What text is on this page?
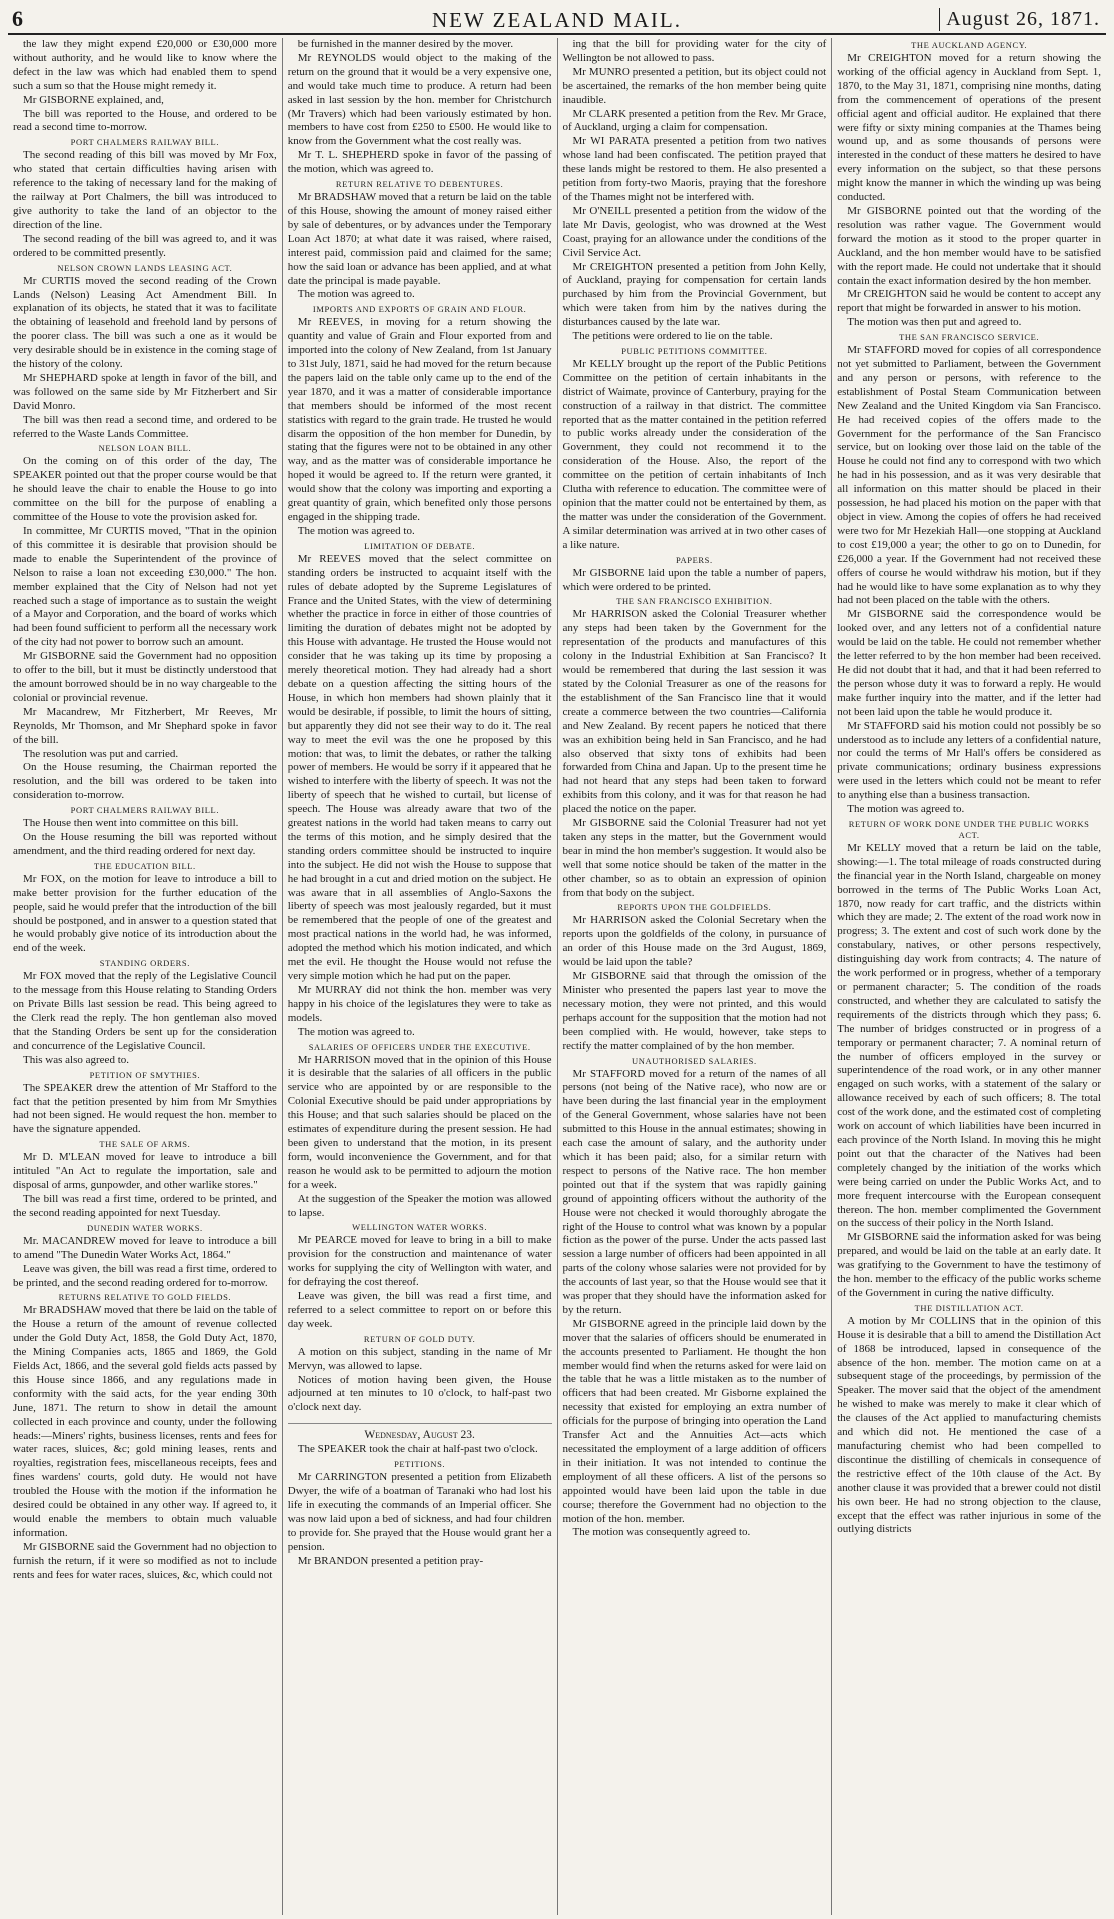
6	NEW ZEALAND MAIL.	August 26, 1871.

the law they might expend £20,000 or £30,000 more without authority, and he would like to know where the defect in the law was which had enabled them to spend such a sum so that the House might remedy it.

Mr GISBORNE explained, and,

The bill was reported to the House, and ordered to be read a second time to-morrow.

PORT CHALMERS RAILWAY BILL.

The second reading of this bill was moved by Mr Fox, who stated that certain difficulties having arisen with reference to the taking of necessary land for the making of the railway at Port Chalmers, the bill was introduced to give authority to take the land of an objector to the direction of the line.

The second reading of the bill was agreed to, and it was ordered to be committed presently.

NELSON CROWN LANDS LEASING ACT.

Mr CURTIS moved the second reading of the Crown Lands (Nelson) Leasing Act Amendment Bill. In explanation of its objects, he stated that it was to facilitate the obtaining of leasehold and freehold land by persons of the poorer class. The bill was such a one as it would be very desirable should be in existence in the coming stage of the history of the colony.

Mr SHEPHARD spoke at length in favor of the bill, and was followed on the same side by Mr Fitzherbert and Sir David Monro.

The bill was then read a second time, and ordered to be referred to the Waste Lands Committee.

NELSON LOAN BILL.

On the coming on of this order of the day, The SPEAKER pointed out that the proper course would be that he should leave the chair to enable the House to go into committee on the bill for the purpose of enabling a committee of the House to vote the provision asked for.

In committee, Mr CURTIS moved, "That in the opinion of this committee it is desirable that provision should be made to enable the Superintendent of the province of Nelson to raise a loan not exceeding £30,000." The hon. member explained that the City of Nelson had not yet reached such a stage of importance as to sustain the weight of a Mayor and Corporation, and the board of works which had been found sufficient to perform all the necessary work of the city had not power to borrow such an amount.

Mr GISBORNE said the Government had no opposition to offer to the bill, but it must be distinctly understood that the amount borrowed should be in no way chargeable to the colonial or provincial revenue.

Mr Macandrew, Mr Fitzherbert, Mr Reeves, Mr Reynolds, Mr Thomson, and Mr Shephard spoke in favor of the bill.

The resolution was put and carried.

On the House resuming, the Chairman reported the resolution, and the bill was ordered to be taken into consideration to-morrow.

PORT CHALMERS RAILWAY BILL.

The House then went into committee on this bill.

On the House resuming the bill was reported without amendment, and the third reading ordered for next day.

THE EDUCATION BILL.

Mr FOX, on the motion for leave to introduce a bill to make better provision for the further education of the people, said he would prefer that the introduction of the bill should be postponed, and in answer to a question stated that he would probably give notice of its introduction about the end of the week.

STANDING ORDERS.

Mr FOX moved that the reply of the Legislative Council to the message from this House relating to Standing Orders on Private Bills last session be read. This being agreed to the Clerk read the reply. The hon gentleman also moved that the Standing Orders be sent up for the consideration and concurrence of the Legislative Council.

This was also agreed to.

PETITION OF SMYTHIES.

The SPEAKER drew the attention of Mr Stafford to the fact that the petition presented by him from Mr Smythies had not been signed. He would request the hon. member to have the signature appended.

THE SALE OF ARMS.

Mr D. M'LEAN moved for leave to introduce a bill intituled "An Act to regulate the importation, sale and disposal of arms, gunpowder, and other warlike stores."

The bill was read a first time, ordered to be printed, and the second reading appointed for next Tuesday.

DUNEDIN WATER WORKS.

Mr. MACANDREW moved for leave to introduce a bill to amend "The Dunedin Water Works Act, 1864."

Leave was given, the bill was read a first time, ordered to be printed, and the second reading ordered for to-morrow.

RETURNS RELATIVE TO GOLD FIELDS.

Mr BRADSHAW moved that there be laid on the table of the House a return of the amount of revenue collected under the Gold Duty Act, 1858, the Gold Duty Act, 1870, the Mining Companies acts, 1865 and 1869, the Gold Fields Act, 1866, and the several gold fields acts passed by this House since 1866, and any regulations made in conformity with the said acts, for the year ending 30th June, 1871. The return to show in detail the amount collected in each province and county, under the following heads:—Miners' rights, business licenses, rents and fees for water races, sluices, &c; gold mining leases, rents and royalties, registration fees, miscellaneous receipts, fees and fines wardens' courts, gold duty. He would not have troubled the House with the motion if the information he desired could be obtained in any other way. If agreed to, it would enable the members to obtain much valuable information.

Mr GISBORNE said the Government had no objection to furnish the return, if it were so modified as not to include rents and fees for water races, sluices, &c, which could not

be furnished in the manner desired by the mover.

Mr REYNOLDS would object to the making of the return on the ground that it would be a very expensive one, and would take much time to produce. A return had been asked in last session by the hon. member for Christchurch (Mr Travers) which had been variously estimated by hon. members to have cost from £250 to £500. He would like to know from the Government what the cost really was.

Mr T. L. SHEPHERD spoke in favor of the passing of the motion, which was agreed to.

RETURN RELATIVE TO DEBENTURES.

Mr BRADSHAW moved that a return be laid on the table of this House, showing the amount of money raised either by sale of debentures, or by advances under the Temporary Loan Act 1870; at what date it was raised, where raised, interest paid, commission paid and claimed for the same; how the said loan or advance has been applied, and at what date the principal is made payable.

The motion was agreed to.

IMPORTS AND EXPORTS OF GRAIN AND FLOUR.

Mr REEVES, in moving for a return showing the quantity and value of Grain and Flour exported from and imported into the colony of New Zealand, from 1st January to 31st July, 1871, said he had moved for the return because the papers laid on the table only came up to the end of the year 1870, and it was a matter of considerable importance that members should be informed of the most recent statistics with regard to the grain trade. He trusted he would disarm the opposition of the hon member for Dunedin, by stating that the figures were not to be obtained in any other way, and as the matter was of considerable importance he hoped it would be agreed to. If the return were granted, it would show that the colony was importing and exporting a great quantity of grain, which benefited only those persons engaged in the shipping trade.

The motion was agreed to.

LIMITATION OF DEBATE.

Mr REEVES moved that the select committee on standing orders be instructed to acquaint itself with the rules of debate adopted by the Supreme Legislatures of France and the United States, with the view of determining whether the practice in force in either of those countries of limiting the duration of debates might not be adopted by this House with advantage. He trusted the House would not consider that he was taking up its time by proposing a merely theoretical motion. They had already had a short debate on a question affecting the sitting hours of the House, in which hon members had shown plainly that it would be desirable, if possible, to limit the hours of sitting, but apparently they did not see their way to do it. The real way to meet the evil was the one he proposed by this motion: that was, to limit the debates, or rather the talking power of members. He would be sorry if it appeared that he wished to interfere with the liberty of speech. It was not the liberty of speech that he wished to curtail, but license of speech. The House was already aware that two of the greatest nations in the world had taken means to carry out the terms of this motion, and he simply desired that the standing orders committee should be instructed to inquire into the subject. He did not wish the House to suppose that he had brought in a cut and dried motion on the subject. He was aware that in all assemblies of Anglo-Saxons the liberty of speech was most jealously regarded, but it must be remembered that the people of one of the greatest and most practical nations in the world had, he was informed, adopted the method which his motion indicated, and which met the evil. He thought the House would not refuse the very simple motion which he had put on the paper.

Mr MURRAY did not think the hon. member was very happy in his choice of the legislatures they were to take as models.

The motion was agreed to.

SALARIES OF OFFICERS UNDER THE EXECUTIVE.

Mr HARRISON moved that in the opinion of this House it is desirable that the salaries of all officers in the public service who are appointed by or are responsible to the Colonial Executive should be paid under appropriations by this House; and that such salaries should be placed on the estimates of expenditure during the present session. He had been given to understand that the motion, in its present form, would inconvenience the Government, and for that reason he would ask to be permitted to adjourn the motion for a week.

At the suggestion of the Speaker the motion was allowed to lapse.

WELLINGTON WATER WORKS.

Mr PEARCE moved for leave to bring in a bill to make provision for the construction and maintenance of water works for supplying the city of Wellington with water, and for defraying the cost thereof.

Leave was given, the bill was read a first time, and referred to a select committee to report on or before this day week.

RETURN OF GOLD DUTY.

A motion on this subject, standing in the name of Mr Mervyn, was allowed to lapse.

Notices of motion having been given, the House adjourned at ten minutes to 10 o'clock, to half-past two o'clock next day.

Wednesday, August 23.

The SPEAKER took the chair at half-past two o'clock.

PETITIONS.

Mr CARRINGTON presented a petition from Elizabeth Dwyer, the wife of a boatman of Taranaki who had lost his life in executing the commands of an Imperial officer. She was now laid upon a bed of sickness, and had four children to provide for. She prayed that the House would grant her a pension.

Mr BRANDON presented a petition pray-

ing that the bill for providing water for the city of Wellington be not allowed to pass.

Mr MUNRO presented a petition, but its object could not be ascertained, the remarks of the hon member being quite inaudible.

Mr CLARK presented a petition from the Rev. Mr Grace, of Auckland, urging a claim for compensation.

Mr WI PARATA presented a petition from two natives whose land had been confiscated. The petition prayed that these lands might be restored to them. He also presented a petition from forty-two Maoris, praying that the foreshore of the Thames might not be interfered with.

Mr O'NEILL presented a petition from the widow of the late Mr Davis, geologist, who was drowned at the West Coast, praying for an allowance under the conditions of the Civil Service Act.

Mr CREIGHTON presented a petition from John Kelly, of Auckland, praying for compensation for certain lands purchased by him from the Provincial Government, but which were taken from him by the natives during the disturbances caused by the late war.

The petitions were ordered to lie on the table.

PUBLIC PETITIONS COMMITTEE.

Mr KELLY brought up the report of the Public Petitions Committee on the petition of certain inhabitants in the district of Waimate, province of Canterbury, praying for the construction of a railway in that district. The committee reported that as the matter contained in the petition referred to public works already under the consideration of the Government, they could not recommend it to the consideration of the House. Also, the report of the committee on the petition of certain inhabitants of Inch Clutha with reference to education. The committee were of opinion that the matter could not be entertained by them, as the matter was under the consideration of the Government. A similar determination was arrived at in two other cases of a like nature.

PAPERS.

Mr GISBORNE laid upon the table a number of papers, which were ordered to be printed.

THE SAN FRANCISCO EXHIBITION.

Mr HARRISON asked the Colonial Treasurer whether any steps had been taken by the Government for the representation of the products and manufactures of this colony in the Industrial Exhibition at San Francisco? It would be remembered that during the last session it was stated by the Colonial Treasurer as one of the reasons for the establishment of the San Francisco line that it would create a commerce between the two countries—California and New Zealand. By recent papers he noticed that there was an exhibition being held in San Francisco, and he had also observed that sixty tons of exhibits had been forwarded from China and Japan. Up to the present time he had not heard that any steps had been taken to forward exhibits from this colony, and it was for that reason he had placed the notice on the paper.

Mr GISBORNE said the Colonial Treasurer had not yet taken any steps in the matter, but the Government would bear in mind the hon member's suggestion. It would also be well that some notice should be taken of the matter in the other chamber, so as to obtain an expression of opinion from that body on the subject.

REPORTS UPON THE GOLDFIELDS.

Mr HARRISON asked the Colonial Secretary when the reports upon the goldfields of the colony, in pursuance of an order of this House made on the 3rd August, 1869, would be laid upon the table?

Mr GISBORNE said that through the omission of the Minister who presented the papers last year to move the necessary motion, they were not printed, and this would perhaps account for the supposition that the motion had not been complied with. He would, however, take steps to rectify the matter complained of by the hon member.

UNAUTHORISED SALARIES.

Mr STAFFORD moved for a return of the names of all persons (not being of the Native race), who now are or have been during the last financial year in the employment of the General Government, whose salaries have not been submitted to this House in the annual estimates; showing in each case the amount of salary, and the authority under which it has been paid; also, for a similar return with respect to persons of the Native race. The hon member pointed out that if the system that was rapidly gaining ground of appointing officers without the authority of the House were not checked it would thoroughly abrogate the right of the House to control what was known by a popular fiction as the power of the purse. Under the acts passed last session a large number of officers had been appointed in all parts of the colony whose salaries were not provided for by the accounts of last year, so that the House would see that it was proper that they should have the information asked for by the return.

Mr GISBORNE agreed in the principle laid down by the mover that the salaries of officers should be enumerated in the accounts presented to Parliament. He thought the hon member would find when the returns asked for were laid on the table that he was a little mistaken as to the number of officers that had been created. Mr Gisborne explained the necessity that existed for employing an extra number of officials for the purpose of bringing into operation the Land Transfer Act and the Annuities Act—acts which necessitated the employment of a large addition of officers in their initiation. It was not intended to continue the employment of all these officers. A list of the persons so appointed would have been laid upon the table in due course; therefore the Government had no objection to the motion of the hon. member.

The motion was consequently agreed to.

THE AUCKLAND AGENCY.

Mr CREIGHTON moved for a return showing the working of the official agency in Auckland from Sept. 1, 1870, to the May 31, 1871, comprising nine months, dating from the commencement of operations of the present official agent and official auditor. He explained that there were fifty or sixty mining companies at the Thames being wound up, and as some thousands of persons were interested in the conduct of these matters he desired to have every information on the subject, so that these persons might know the manner in which the winding up was being conducted.

Mr GISBORNE pointed out that the wording of the resolution was rather vague. The Government would forward the motion as it stood to the proper quarter in Auckland, and the hon member would have to be satisfied with the report made. He could not undertake that it should contain the exact information desired by the hon member.

Mr CREIGHTON said he would be content to accept any report that might be forwarded in answer to his motion.

The motion was then put and agreed to.

THE SAN FRANCISCO SERVICE.

Mr STAFFORD moved for copies of all correspondence not yet submitted to Parliament, between the Government and any person or persons, with reference to the establishment of Postal Steam Communication between New Zealand and the United Kingdom via San Francisco. He had received copies of the offers made to the Government for the performance of the San Francisco service, but on looking over those laid on the table of the House he could not find any to correspond with two which he had in his possession, and as it was very desirable that all information on this matter should be placed in their possession, he had placed his motion on the paper with that object in view. Among the copies of offers he had received were two for Mr Hezekiah Hall—one stopping at Auckland to cost £19,000 a year; the other to go on to Dunedin, for £26,000 a year. If the Government had not received these offers of course he would withdraw his motion, but if they had he would like to have some explanation as to why they had not been placed on the table with the others.

Mr GISBORNE said the correspondence would be looked over, and any letters not of a confidential nature would be laid on the table. He could not remember whether the letter referred to by the hon member had been received. He did not doubt that it had, and that it had been referred to the person whose duty it was to forward a reply. He would make further inquiry into the matter, and if the letter had not been laid upon the table he would produce it.

Mr STAFFORD said his motion could not possibly be so understood as to include any letters of a confidential nature, nor could the terms of Mr Hall's offers be considered as private communications; ordinary business expressions were used in the letters which could not be meant to refer to anything else than a business transaction.

The motion was agreed to.

RETURN OF WORK DONE UNDER THE PUBLIC WORKS ACT.

Mr KELLY moved that a return be laid on the table, showing:—1. The total mileage of roads constructed during the financial year in the North Island, chargeable on money borrowed in the terms of The Public Works Loan Act, 1870, now ready for cart traffic, and the districts within which they are made; 2. The extent of the road work now in progress; 3. The extent and cost of such work done by the constabulary, natives, or other persons respectively, distinguishing day work from contracts; 4. The nature of the work performed or in progress, whether of a temporary or permanent character; 5. The condition of the roads constructed, and whether they are calculated to satisfy the requirements of the districts through which they pass; 6. The number of bridges constructed or in progress of a temporary or permanent character; 7. A nominal return of the number of officers employed in the survey or superintendence of the road work, or in any other manner engaged on such works, with a statement of the salary or allowance received by each of such officers; 8. The total cost of the work done, and the estimated cost of completing work on account of which liabilities have been incurred in each province of the North Island. In moving this he might point out that the character of the Natives had been completely changed by the initiation of the works which were being carried on under the Public Works Act, and to more frequent intercourse with the European consequent thereon. The hon. member complimented the Government on the success of their policy in the North Island.

Mr GISBORNE said the information asked for was being prepared, and would be laid on the table at an early date. It was gratifying to the Government to have the testimony of the hon. member to the efficacy of the public works scheme of the Government in curing the native difficulty.

THE DISTILLATION ACT.

A motion by Mr COLLINS that in the opinion of this House it is desirable that a bill to amend the Distillation Act of 1868 be introduced, lapsed in consequence of the absence of the hon. member. The motion came on at a subsequent stage of the proceedings, by permission of the Speaker. The mover said that the object of the amendment he wished to make was merely to make it clear which of the clauses of the Act applied to manufacturing chemists and which did not. He mentioned the case of a manufacturing chemist who had been compelled to discontinue the distilling of chemicals in consequence of the restrictive effect of the 10th clause of the Act. By another clause it was provided that a brewer could not distil his own beer. He had no strong objection to the clause, except that the effect was rather injurious in some of the outlying districts
